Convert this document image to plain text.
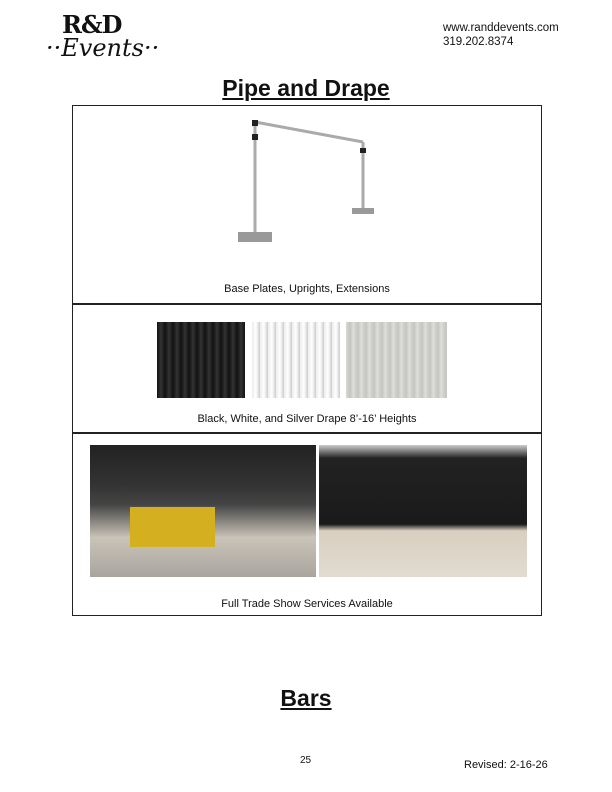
R&D
··Events··
www.randdevents.com
319.202.8374
Pipe and Drape
Base Plates, Uprights, Extensions
Black, White, and Silver Drape 8’-16’ Heights
Full Trade Show Services Available
Bars
25	Revised: 2-16-26
